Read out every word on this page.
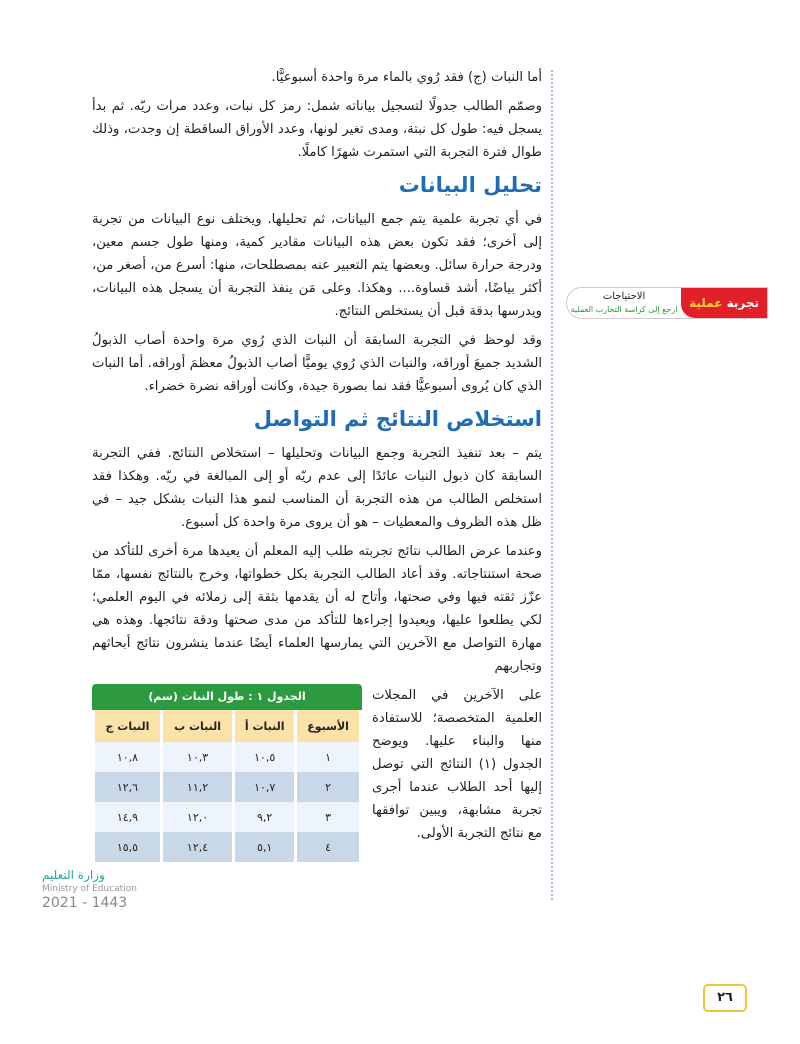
أما النبات (ج) فقد رُوي بالماء مرة واحدة أسبوعيًّا.

وصمّم الطالب جدولًا لتسجيل بياناته شمل: رمز كل نبات، وعدد مرات ريّه. ثم بدأ يسجل فيه: طول كل نبتة، ومدى تغير لونها، وعدد الأوراق الساقطة إن وجدت، وذلك طوال فترة التجربة التي استمرت شهرًا كاملًا.

تحليل البيانات

في أي تجربة علمية يتم جمع البيانات، ثم تحليلها. ويختلف نوع البيانات من تجربة إلى أخرى؛ فقد تكون بعض هذه البيانات مقادير كمية، ومنها طول جسم معين، ودرجة حرارة سائل. وبعضها يتم التعبير عنه بمصطلحات، منها: أسرع من، أصغر من، أكثر بياضًا، أشد قساوة.... وهكذا. وعلى مَن ينفذ التجربة أن يسجل هذه البيانات، ويدرسها بدقة قبل أن يستخلص النتائج.

وقد لوحظ في التجربة السابقة أن النبات الذي رُوي مرة واحدة أصاب الذبولُ الشديد جميعَ أوراقه، والنبات الذي رُوي يوميًّا أصاب الذبولُ معظمَ أوراقه. أما النبات الذي كان يُروى أسبوعيًّا فقد نما بصورة جيدة، وكانت أوراقه نضرة خضراء.

استخلاص النتائج ثم التواصل

يتم – بعد تنفيذ التجربة وجمع البيانات وتحليلها – استخلاص النتائج. ففي التجربة السابقة كان ذبول النبات عائدًا إلى عدم ريّه أو إلى المبالغة في ريّه. وهكذا فقد استخلص الطالب من هذه التجربة أن المناسب لنمو هذا النبات بشكل جيد – في ظل هذه الظروف والمعطيات – هو أن يروى مرة واحدة كل أسبوع.

وعندما عرض الطالب نتائج تجربته طلب إليه المعلم أن يعيدها مرة أخرى للتأكد من صحة استنتاجاته. وقد أعاد الطالب التجربة بكل خطواتها، وخرج بالنتائج نفسها، ممّا عزّز ثقته فيها وفي صحتها، وأتاح له أن يقدمها بثقة إلى زملائه في اليوم العلمي؛ لكي يطلعوا عليها، ويعيدوا إجراءها للتأكد من مدى صحتها ودقة نتائجها. وهذه هي مهارة التواصل مع الآخرين التي يمارسها العلماء أيضًا عندما ينشرون نتائج أبحاثهم وتجاربهم

على الآخرين في المجلات العلمية المتخصصة؛ للاستفادة منها والبناء عليها. ويوضح الجدول (١) النتائج التي توصل إليها أحد الطلاب عندما أجرى تجربة مشابهة، ويبين توافقها مع نتائج التجربة الأولى.
الجدول ١ : طول النبات (سم)
الأسبوع	النبات أ	النبات ب	النبات ج
١	١٠,٥	١٠,٣	١٠,٨
٢	١٠,٧	١١,٢	١٢,٦
٣	٩,٢	١٢,٠	١٤,٩
٤	٥,١	١٢,٤	١٥,٥
وزارة التعليم
Ministry of Education
2021 - 1443
تجربة

عملية
الاحتياجات
ارجع إلى كراسة التجارب العملية
٢٦
